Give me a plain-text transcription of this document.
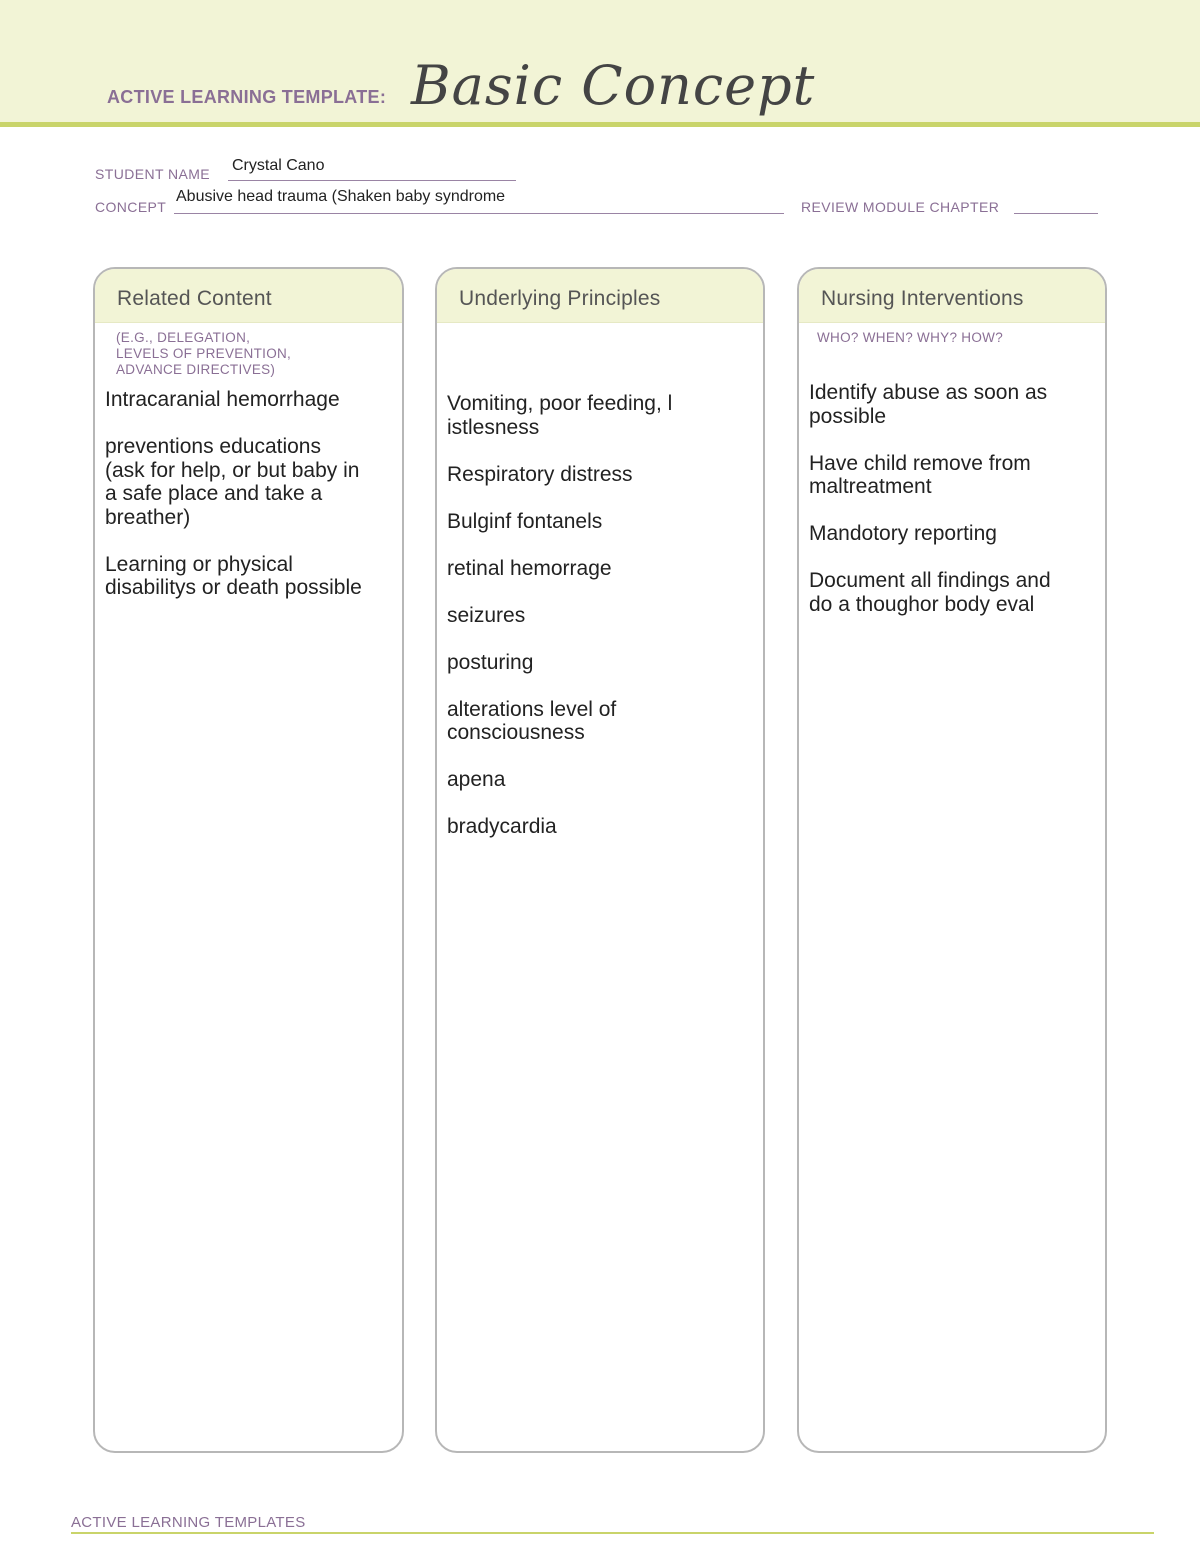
ACTIVE LEARNING TEMPLATE: Basic Concept
STUDENT NAME Crystal Cano
CONCEPT
Abusive head trauma (Shaken baby syndrome
REVIEW MODULE CHAPTER
Related Content
(E.G., DELEGATION,
LEVELS OF PREVENTION,
ADVANCE DIRECTIVES)
Intracaranial hemorrhage
preventions educations
(ask for help, or but baby in
a safe place and take a
breather)
Learning or physical
disabilitys or death possible
Underlying Principles
Vomiting, poor feeding, l
istlesness
Respiratory distress
Bulginf fontanels
retinal hemorrage
seizures
posturing
alterations level of
consciousness
apena
bradycardia
Nursing Interventions
WHO? WHEN? WHY? HOW?
Identify abuse as soon as
possible
Have child remove from
maltreatment
Mandotory reporting
Document all findings and
do a thoughor body eval
ACTIVE LEARNING TEMPLATES
